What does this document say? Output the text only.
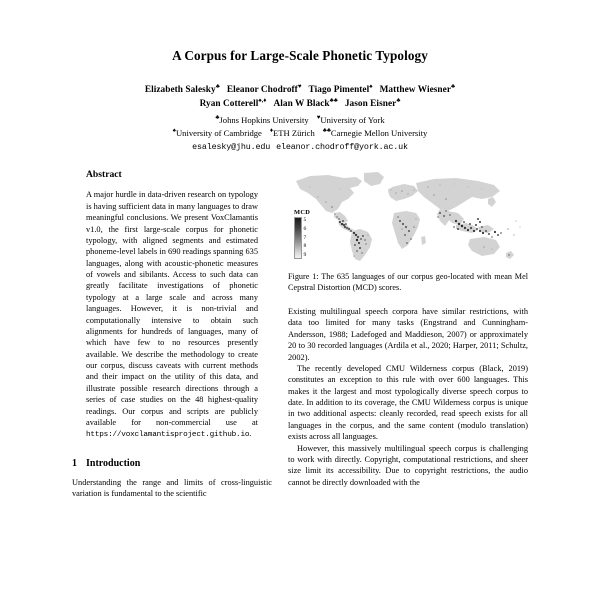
A Corpus for Large-Scale Phonetic Typology
Elizabeth Salesky♣ Eleanor Chodroff♥ Tiago Pimentel♠ Matthew Wiesner♣
Ryan Cotterell♠,♦ Alan W Black♣♣ Jason Eisner♣
♣Johns Hopkins University ♥University of York
♠University of Cambridge ♦ETH Zürich ♣♣Carnegie Mellon University
esalesky@jhu.edu eleanor.chodroff@york.ac.uk
Abstract

A major hurdle in data-driven research on typology is having sufficient data in many languages to draw meaningful conclusions. We present VoxClamantis v1.0, the first large-scale corpus for phonetic typology, with aligned segments and estimated phoneme-level labels in 690 readings spanning 635 languages, along with acoustic-phonetic measures of vowels and sibilants. Access to such data can greatly facilitate investigations of phonetic typology at a large scale and across many languages. However, it is non-trivial and computationally intensive to obtain such alignments for hundreds of languages, many of which have few to no resources presently available. We describe the methodology to create our corpus, discuss caveats with current methods and their impact on the utility of this data, and illustrate possible research directions through a series of case studies on the 48 highest-quality readings. Our corpus and scripts are publicly available for non-commercial use at https://voxclamantisproject.github.io.

1 Introduction

Understanding the range and limits of cross-linguistic variation is fundamental to the scientific

MCD
5
6
7
8
9
Figure 1: The 635 languages of our corpus geo-located with mean Mel Cepstral Distortion (MCD) scores.

Existing multilingual speech corpora have similar restrictions, with data too limited for many tasks (Engstrand and Cunningham-Andersson, 1988; Ladefoged and Maddieson, 2007) or approximately 20 to 30 recorded languages (Ardila et al., 2020; Harper, 2011; Schultz, 2002).

The recently developed CMU Wilderness corpus (Black, 2019) constitutes an exception to this rule with over 600 languages. This makes it the largest and most typologically diverse speech corpus to date. In addition to its coverage, the CMU Wilderness corpus is unique in two additional aspects: cleanly recorded, read speech exists for all languages in the corpus, and the same content (modulo translation) exists across all languages.

However, this massively multilingual speech corpus is challenging to work with directly. Copyright, computational restrictions, and sheer size limit its accessibility. Due to copyright restrictions, the audio cannot be directly downloaded with the
